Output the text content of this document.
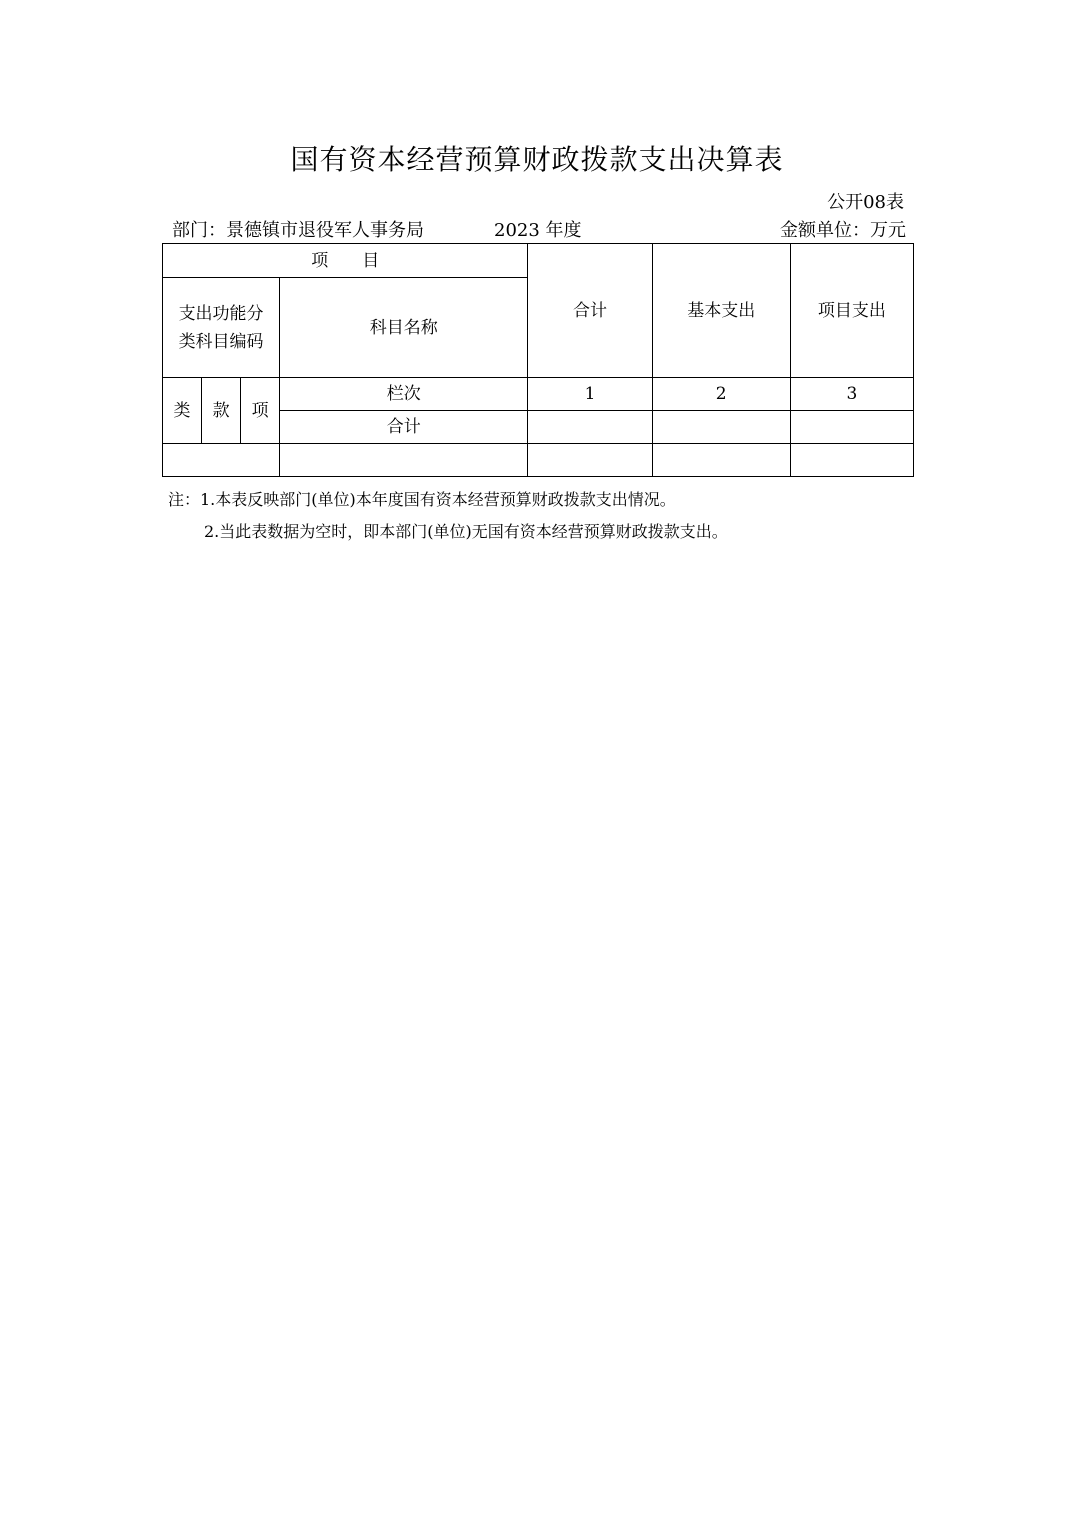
国有资本经营预算财政拨款支出决算表
公开08表
部门：景德镇市退役军人事务局	2023 年度	金额单位：万元
项　　目				合计	基本支出	项目支出

支出功能分
类科目编码			科目名称			
类	款	项	栏次	1	2	3
			合计			

注：1.本表反映部门(单位)本年度国有资本经营预算财政拨款支出情况。
2.当此表数据为空时，即本部门(单位)无国有资本经营预算财政拨款支出。
